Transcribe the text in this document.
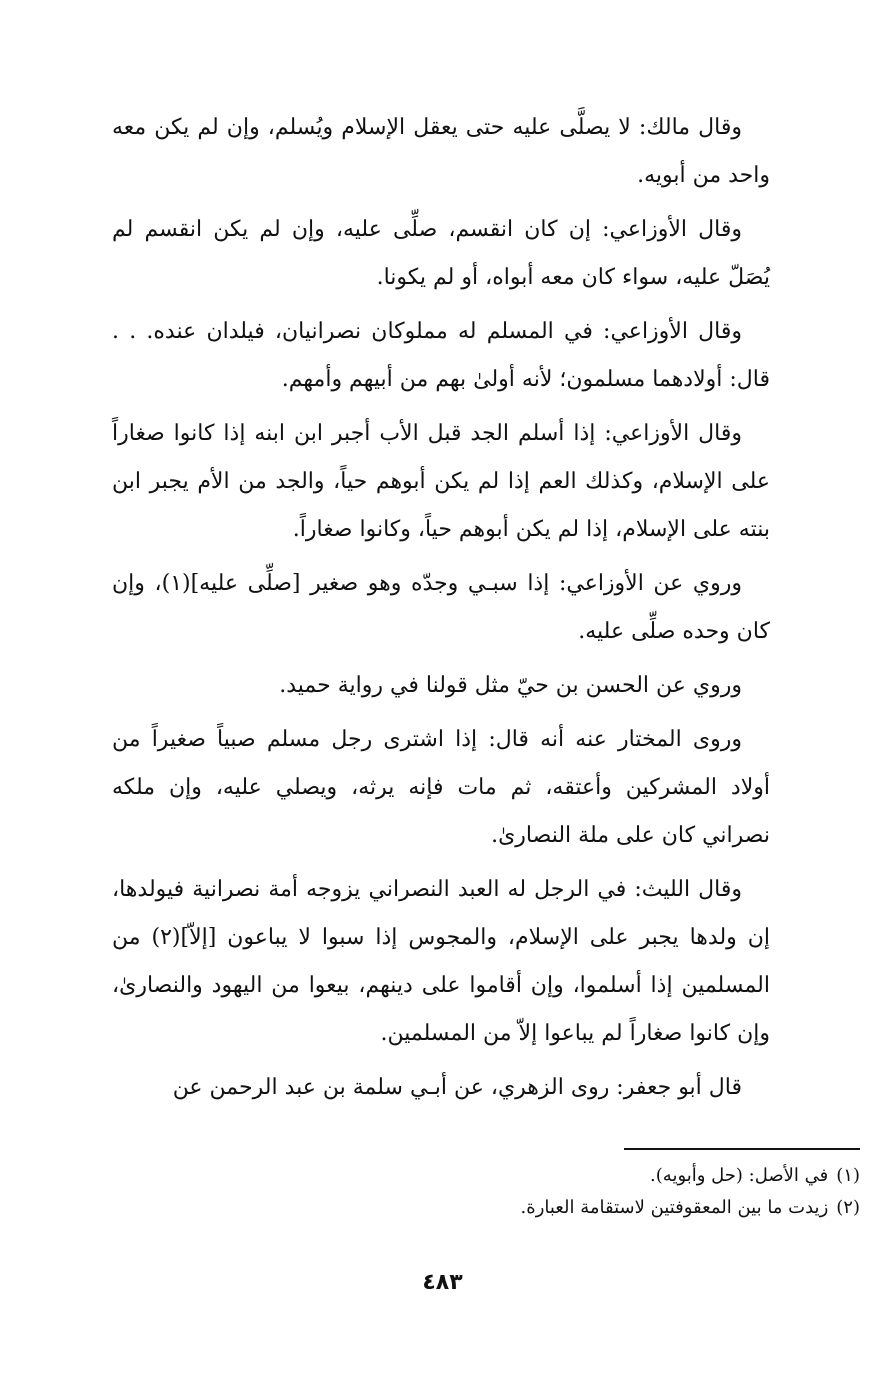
وقال مالك: لا يصلَّى عليه حتى يعقل الإسلام ويُسلم، وإن لم يكن معه واحد من أبويه.

وقال الأوزاعي: إن كان انقسم، صلِّى عليه، وإن لم يكن انقسم لم يُصَلّ عليه، سواء كان معه أبواه، أو لم يكونا.

وقال الأوزاعي: في المسلم له مملوكان نصرانيان، فيلدان عنده. . . قال: أولادهما مسلمون؛ لأنه أولىٰ بهم من أبيهم وأمهم.

وقال الأوزاعي: إذا أسلم الجد قبل الأب أجبر ابن ابنه إذا كانوا صغاراً على الإسلام، وكذلك العم إذا لم يكن أبوهم حياً، والجد من الأم يجبر ابن بنته على الإسلام، إذا لم يكن أبوهم حياً، وكانوا صغاراً.

وروي عن الأوزاعي: إذا سبـي وجدّه وهو صغير [صلِّى عليه](١)، وإن كان وحده صلِّى عليه.

وروي عن الحسن بن حيّ مثل قولنا في رواية حميد.

وروى المختار عنه أنه قال: إذا اشترى رجل مسلم صبياً صغيراً من أولاد المشركين وأعتقه، ثم مات فإنه يرثه، ويصلي عليه، وإن ملكه نصراني كان على ملة النصارىٰ.

وقال الليث: في الرجل له العبد النصراني يزوجه أمة نصرانية فيولدها، إن ولدها يجبر على الإسلام، والمجوس إذا سبوا لا يباعون [إلاّ](٢) من المسلمين إذا أسلموا، وإن أقاموا على دينهم، بيعوا من اليهود والنصارىٰ، وإن كانوا صغاراً لم يباعوا إلاّ من المسلمين.

قال أبو جعفر: روى الزهري، عن أبـي سلمة بن عبد الرحمن عن

(١)في الأصل: (حل وأبويه).

(٢)زيدت ما بين المعقوفتين لاستقامة العبارة.

٤٨٣
